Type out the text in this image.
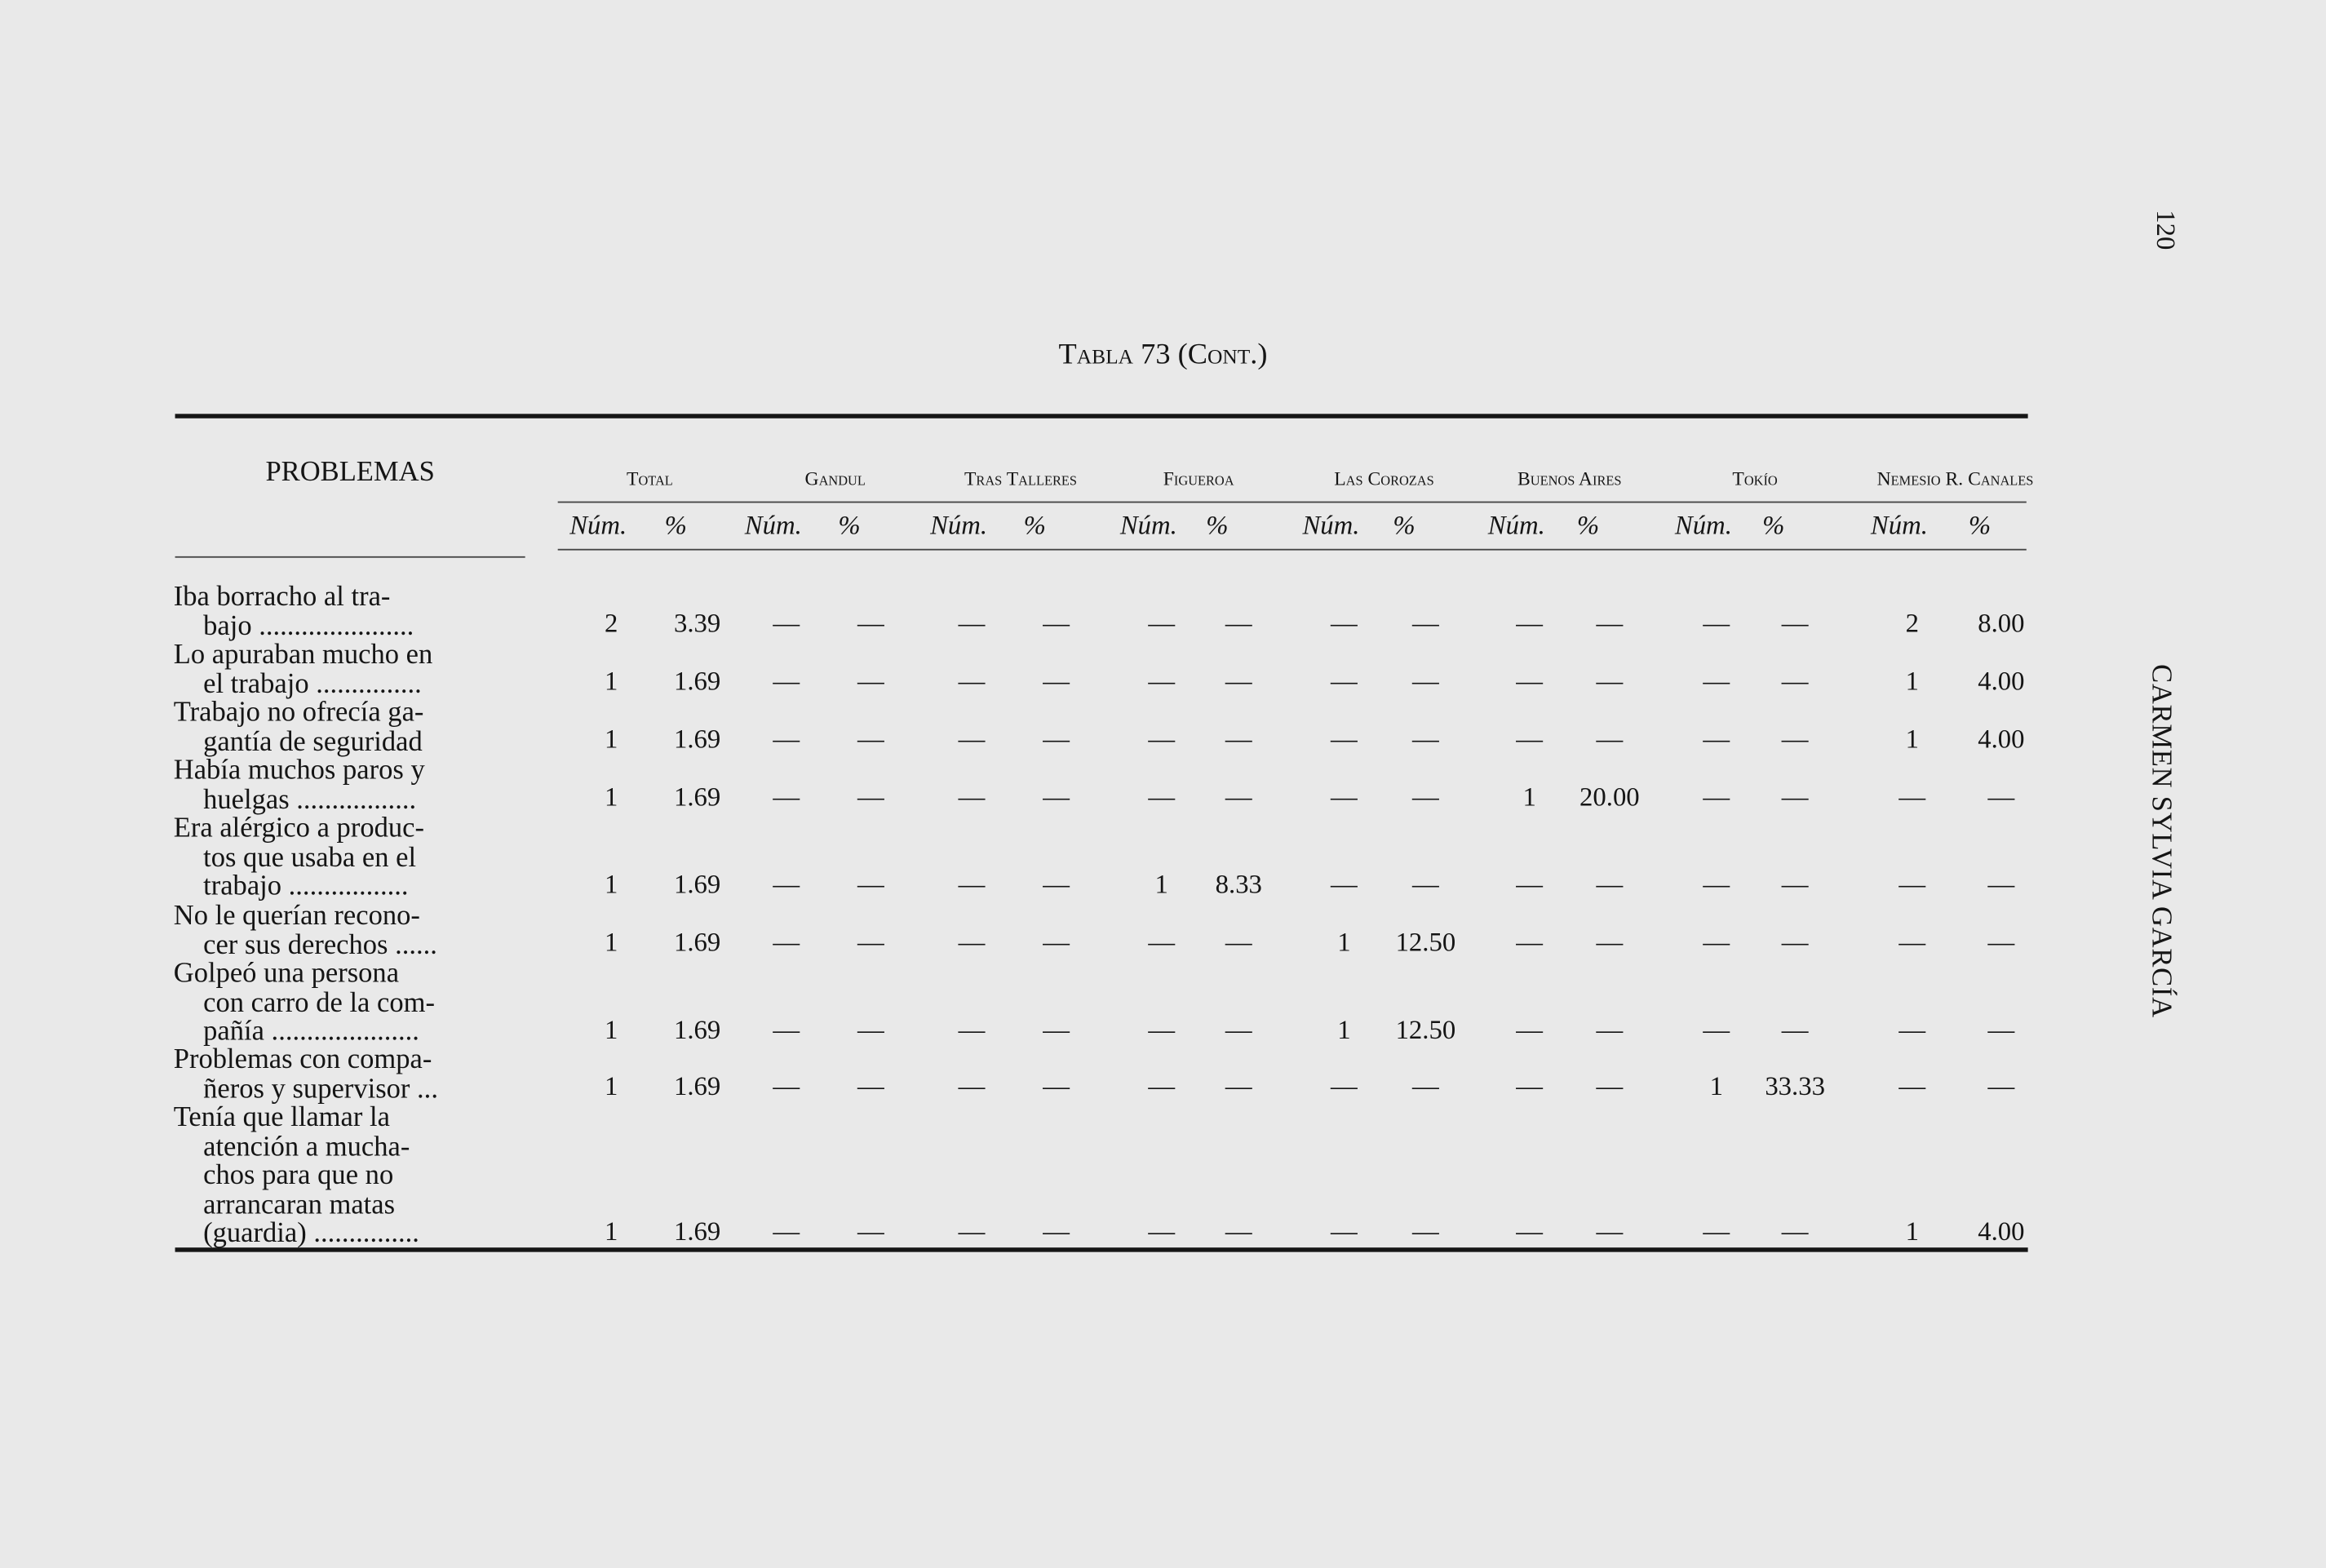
120
CARMEN SYLVIA GARCÍA
Tabla 73 (Cont.)
PROBLEMAS	Total	Gandul	Tras Talleres	Figueroa	Las Corozas	Buenos Aires	Tokío	Nemesio R. Canales
Núm.	%	Núm. %	Núm. %	Núm. %	Núm. %	Núm. %	Núm. %	Núm.	%
Iba borracho al tra-
bajo ......................	2	3.39	—	—	—	—	—	—	—	—	—	—	—	—	2	8.00
Lo apuraban mucho en
el trabajo ...............	1	1.69	—	—	—	—	—	—	—	—	—	—	—	—	1	4.00
Trabajo no ofrecía ga-
gantía de seguridad	1	1.69	—	—	—	—	—	—	—	—	—	—	—	—	1	4.00
Había muchos paros y
huelgas .................	1	1.69	—	—	—	—	—	—	—	—	1	20.00	—	—	—	—
Era alérgico a produc-
tos que usaba en el
trabajo .................	1	1.69	—	—	—	—	1	8.33	—	—	—	—	—	—	—	—
No le querían recono-
cer sus derechos ......	1	1.69	—	—	—	—	—	—	1	12.50	—	—	—	—	—	—
Golpeó una persona
con carro de la com-
pañía .....................	1	1.69	—	—	—	—	—	—	1	12.50	—	—	—	—	—	—
Problemas con compa-
ñeros y supervisor ...	1	1.69	—	—	—	—	—	—	—	—	—	—	1	33.33	—	—
Tenía que llamar la
atención a mucha-
chos para que no
arrancaran matas
(guardia) ...............	1	1.69	—	—	—	—	—	—	—	—	—	—	—	—	1	4.00
